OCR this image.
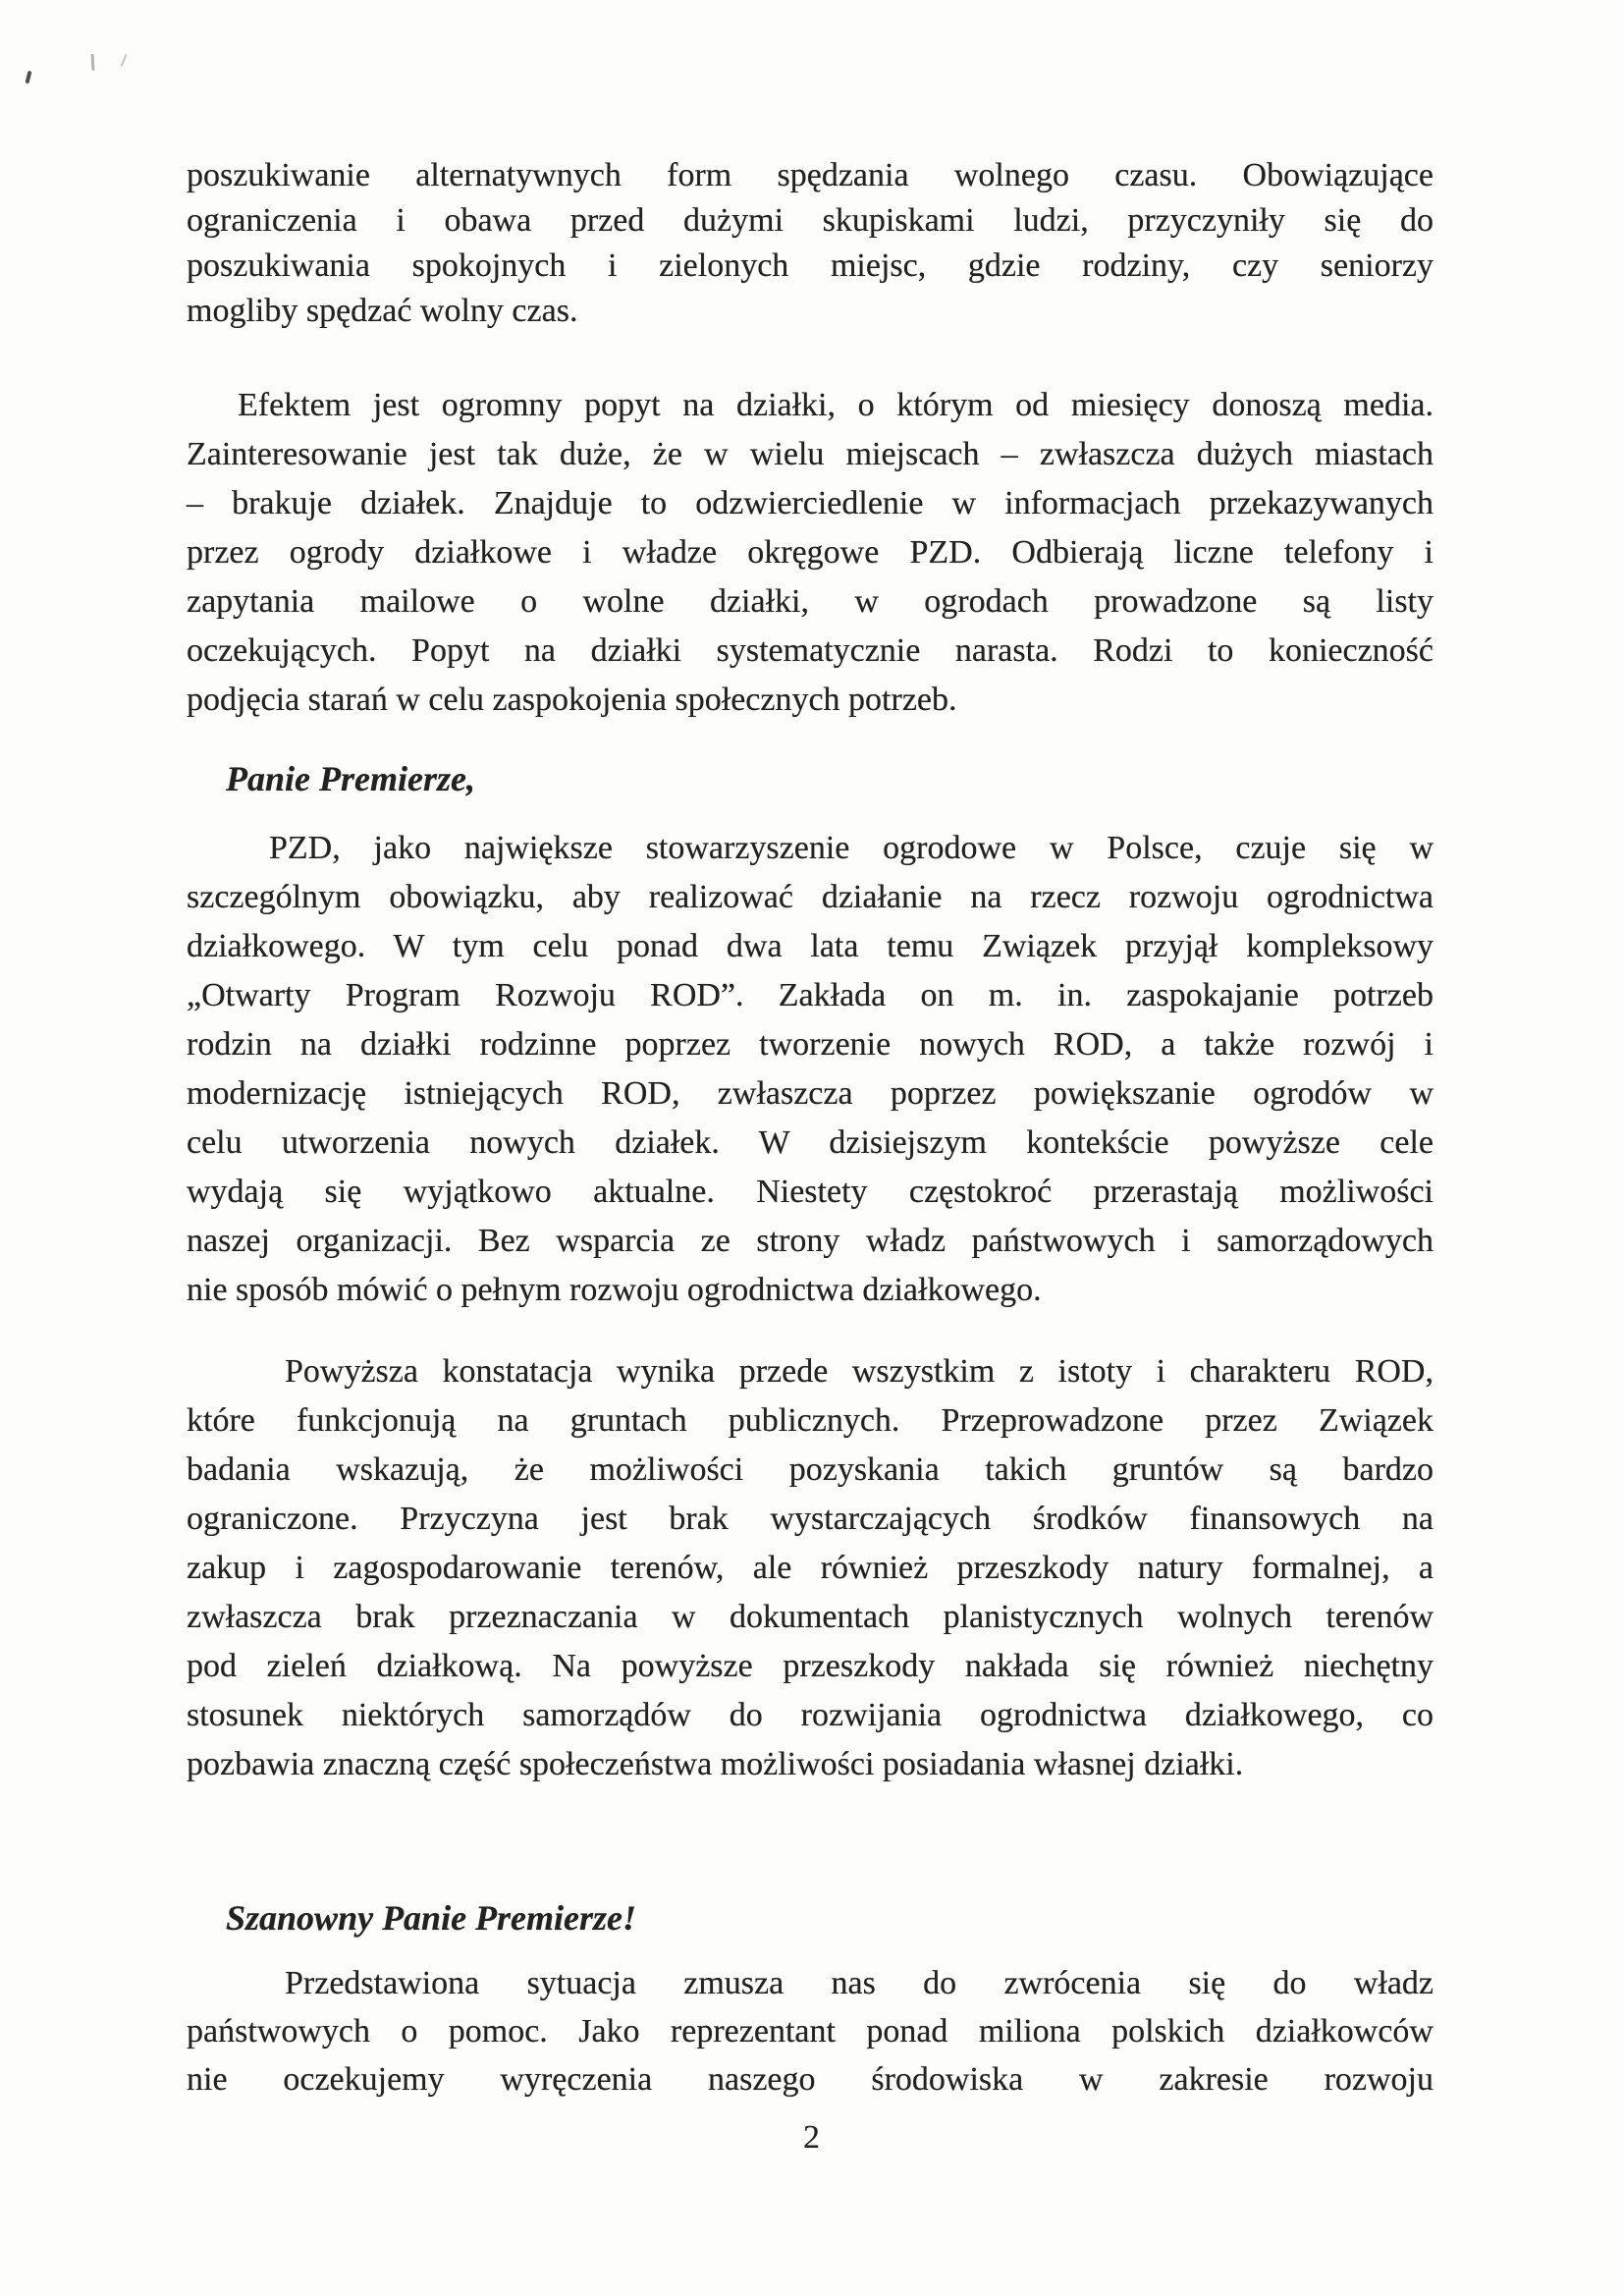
poszukiwanie alternatywnych form spędzania wolnego czasu. Obowiązujące
ograniczenia i obawa przed dużymi skupiskami ludzi, przyczyniły się do
poszukiwania spokojnych i zielonych miejsc, gdzie rodziny, czy seniorzy
mogliby spędzać wolny czas.
Efektem jest ogromny popyt na działki, o którym od miesięcy donoszą media.
Zainteresowanie jest tak duże, że w wielu miejscach – zwłaszcza dużych miastach
– brakuje działek. Znajduje to odzwierciedlenie w informacjach przekazywanych
przez ogrody działkowe i władze okręgowe PZD. Odbierają liczne telefony i
zapytania mailowe o wolne działki, w ogrodach prowadzone są listy
oczekujących. Popyt na działki systematycznie narasta. Rodzi to konieczność
podjęcia starań w celu zaspokojenia społecznych potrzeb.
Panie Premierze,
PZD, jako największe stowarzyszenie ogrodowe w Polsce, czuje się w
szczególnym obowiązku, aby realizować działanie na rzecz rozwoju ogrodnictwa
działkowego. W tym celu ponad dwa lata temu Związek przyjął kompleksowy
„Otwarty Program Rozwoju ROD”. Zakłada on m. in. zaspokajanie potrzeb
rodzin na działki rodzinne poprzez tworzenie nowych ROD, a także rozwój i
modernizację istniejących ROD, zwłaszcza poprzez powiększanie ogrodów w
celu utworzenia nowych działek. W dzisiejszym kontekście powyższe cele
wydają się wyjątkowo aktualne. Niestety częstokroć przerastają możliwości
naszej organizacji. Bez wsparcia ze strony władz państwowych i samorządowych
nie sposób mówić o pełnym rozwoju ogrodnictwa działkowego.
Powyższa konstatacja wynika przede wszystkim z istoty i charakteru ROD,
które funkcjonują na gruntach publicznych. Przeprowadzone przez Związek
badania wskazują, że możliwości pozyskania takich gruntów są bardzo
ograniczone. Przyczyna jest brak wystarczających środków finansowych na
zakup i zagospodarowanie terenów, ale również przeszkody natury formalnej, a
zwłaszcza brak przeznaczania w dokumentach planistycznych wolnych terenów
pod zieleń działkową. Na powyższe przeszkody nakłada się również niechętny
stosunek niektórych samorządów do rozwijania ogrodnictwa działkowego, co
pozbawia znaczną część społeczeństwa możliwości posiadania własnej działki.
Szanowny Panie Premierze!
Przedstawiona sytuacja zmusza nas do zwrócenia się do władz
państwowych o pomoc. Jako reprezentant ponad miliona polskich działkowców
nie oczekujemy wyręczenia naszego środowiska w zakresie rozwoju
2
